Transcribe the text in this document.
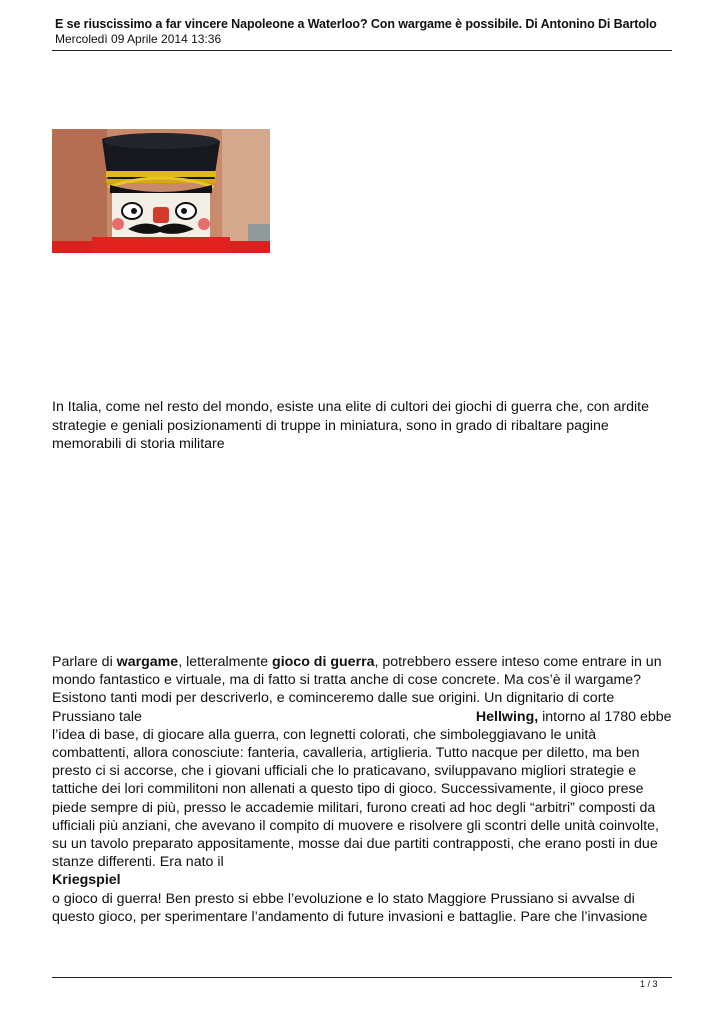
E se riuscissimo a far vincere Napoleone a Waterloo? Con wargame è possibile. Di Antonino Di Bartolo
Mercoledì 09 Aprile 2014 13:36
In Italia, come nel resto del mondo, esiste una elite di cultori dei giochi di guerra che, con ardite strategie e geniali posizionamenti di truppe in miniatura, sono in grado di ribaltare pagine memorabili di storia militare
Parlare di wargame, letteralmente gioco di guerra, potrebbero essere inteso come entrare in un mondo fantastico e virtuale, ma di fatto si tratta anche di cose concrete. Ma cos’è il wargame? Esistono tanti modi per descriverlo, e cominceremo dalle sue origini. Un dignitario di corte Prussiano tale	Hellwing, intorno al 1780 ebbe l’idea di base, di giocare alla guerra, con legnetti colorati, che simboleggiavano le unità combattenti, allora conosciute: fanteria, cavalleria, artiglieria. Tutto nacque per diletto, ma ben presto ci si accorse, che i giovani ufficiali che lo praticavano, sviluppavano migliori strategie e tattiche dei lori commilitoni non allenati a questo tipo di gioco. Successivamente, il gioco prese piede sempre di più, presso le accademie militari, furono creati ad hoc degli “arbitri” composti da ufficiali più anziani, che avevano il compito di muovere e risolvere gli scontri delle unità coinvolte, su un tavolo preparato appositamente, mosse dai due partiti contrapposti, che erano posti in due stanze differenti. Era nato il
Kriegspiel
o gioco di guerra! Ben presto si ebbe l’evoluzione e lo stato Maggiore Prussiano si avvalse di questo gioco, per sperimentare l’andamento di future invasioni e battaglie. Pare che l’invasione
1 / 3
